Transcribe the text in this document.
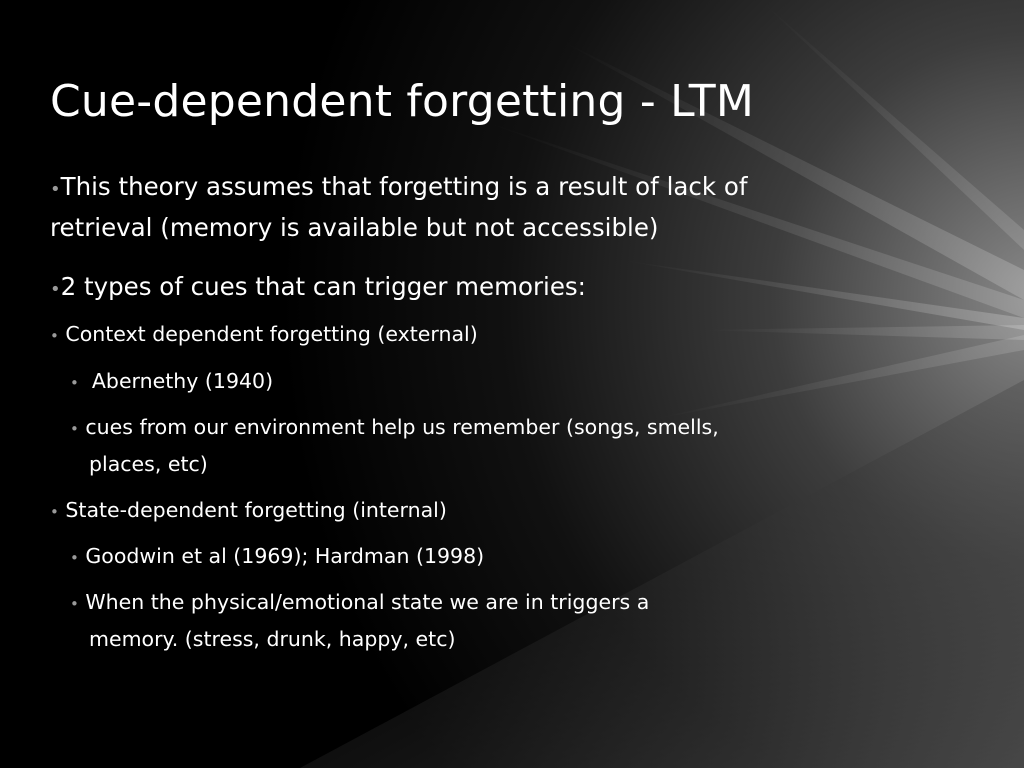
Cue-dependent forgetting - LTM
•This theory assumes that forgetting is a result of lack of
retrieval (memory is available but not accessible)
•2 types of cues that can trigger memories:
• Context dependent forgetting (external)
•  Abernethy (1940)
• cues from our environment help us remember (songs, smells,
places, etc)
• State-dependent forgetting (internal)
• Goodwin et al (1969); Hardman (1998)
• When the physical/emotional state we are in triggers a
memory. (stress, drunk, happy, etc)
